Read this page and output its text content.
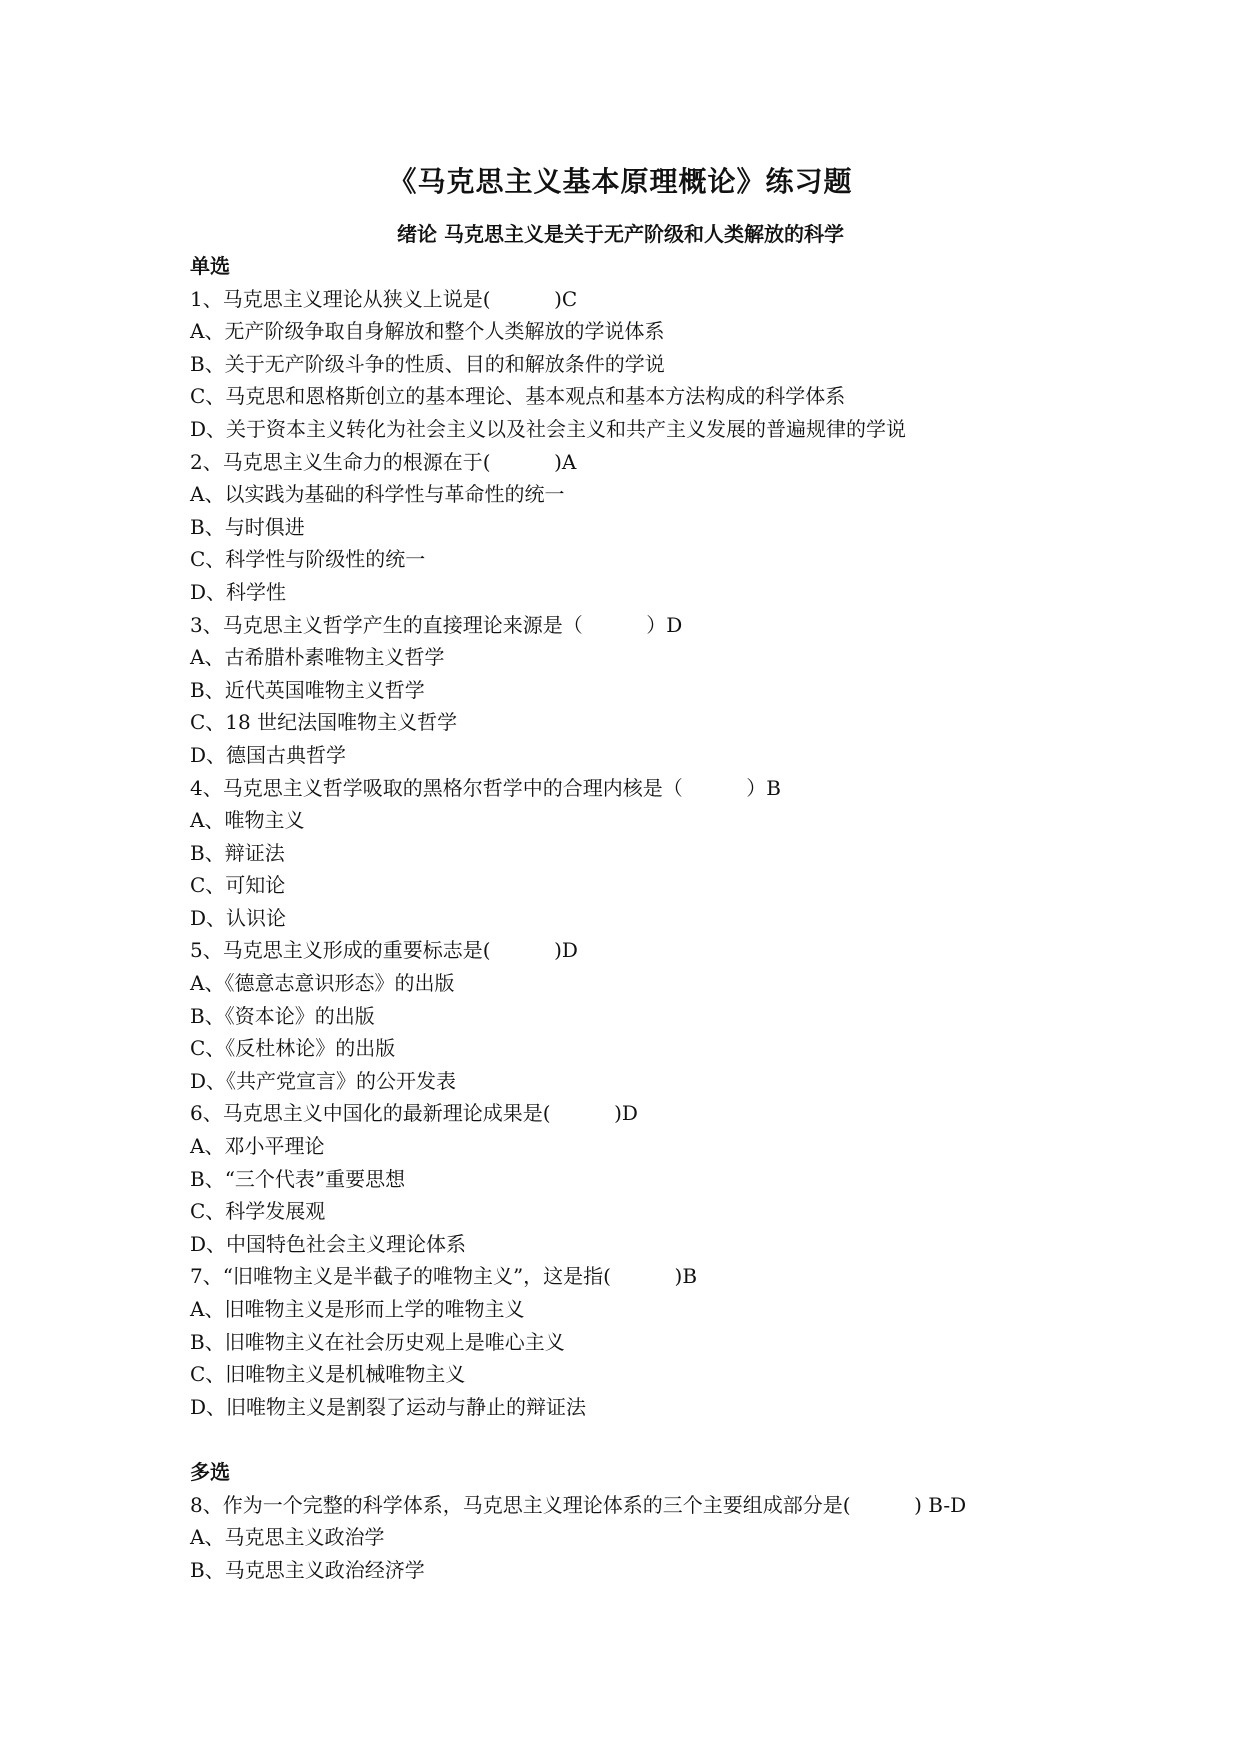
《马克思主义基本原理概论》练习题
绪论 马克思主义是关于无产阶级和人类解放的科学
单选
1、马克思主义理论从狭义上说是(          )C
A、无产阶级争取自身解放和整个人类解放的学说体系
B、关于无产阶级斗争的性质、目的和解放条件的学说
C、马克思和恩格斯创立的基本理论、基本观点和基本方法构成的科学体系
D、关于资本主义转化为社会主义以及社会主义和共产主义发展的普遍规律的学说
2、马克思主义生命力的根源在于(          )A
A、以实践为基础的科学性与革命性的统一
B、与时俱进
C、科学性与阶级性的统一
D、科学性
3、马克思主义哲学产生的直接理论来源是（          ）D
A、古希腊朴素唯物主义哲学
B、近代英国唯物主义哲学
C、18 世纪法国唯物主义哲学
D、德国古典哲学
4、马克思主义哲学吸取的黑格尔哲学中的合理内核是（          ）B
A、唯物主义
B、辩证法
C、可知论
D、认识论
5、马克思主义形成的重要标志是(          )D
A、《德意志意识形态》的出版
B、《资本论》的出版
C、《反杜林论》的出版
D、《共产党宣言》的公开发表
6、马克思主义中国化的最新理论成果是(          )D
A、邓小平理论
B、“三个代表”重要思想
C、科学发展观
D、中国特色社会主义理论体系
7、“旧唯物主义是半截子的唯物主义”，这是指(          )B
A、旧唯物主义是形而上学的唯物主义
B、旧唯物主义在社会历史观上是唯心主义
C、旧唯物主义是机械唯物主义
D、旧唯物主义是割裂了运动与静止的辩证法
多选
8、作为一个完整的科学体系，马克思主义理论体系的三个主要组成部分是(          ) B-D
A、马克思主义政治学
B、马克思主义政治经济学
